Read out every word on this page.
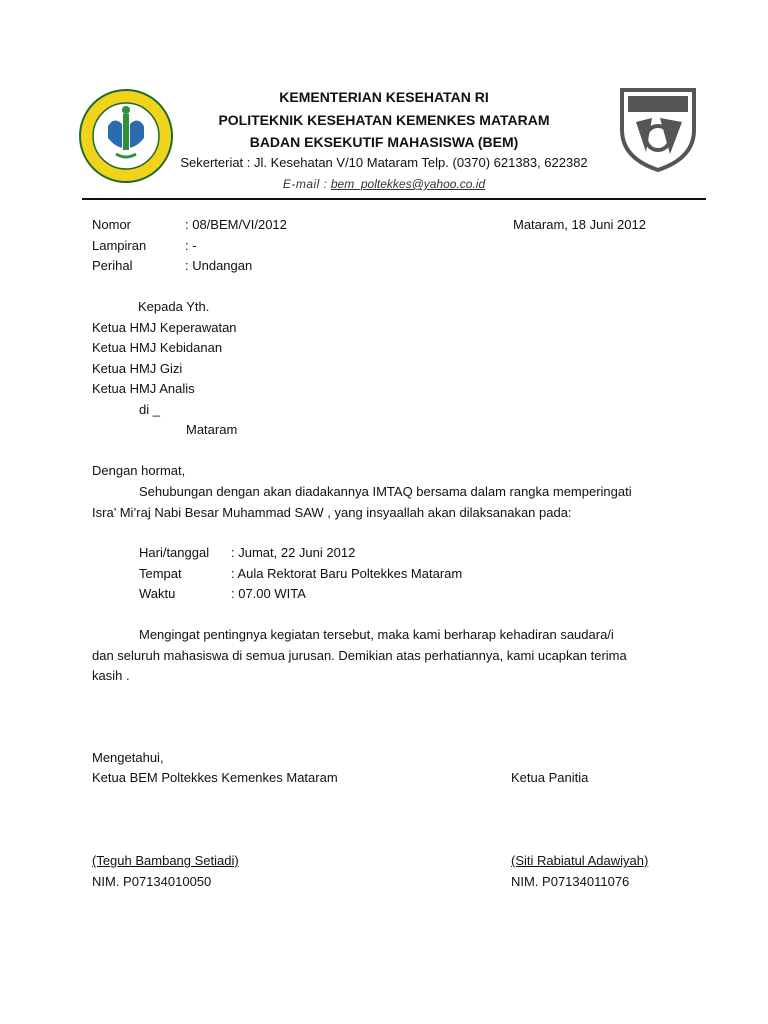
KEMENTERIAN KESEHATAN RI
POLITEKNIK KESEHATAN KEMENKES MATARAM
BADAN EKSEKUTIF MAHASISWA (BEM)
Sekerteriat : Jl. Kesehatan V/10 Mataram Telp. (0370) 621383, 622382
E-mail : bem_poltekkes@yahoo.co.id
Nomor	: 08/BEM/VI/2012	Mataram, 18 Juni 2012
Lampiran	: -
Perihal	: Undangan
Kepada Yth.
Ketua HMJ Keperawatan
Ketua HMJ Kebidanan
Ketua HMJ Gizi
Ketua HMJ Analis
di _
Mataram
Dengan hormat,
Sehubungan dengan akan diadakannya IMTAQ bersama dalam rangka memperingati
Isra’ Mi’raj Nabi Besar Muhammad SAW , yang insyaallah akan dilaksanakan pada:
Hari/tanggal : Jumat, 22 Juni 2012
Tempat	: Aula Rektorat Baru Poltekkes Mataram
Waktu	: 07.00 WITA
Mengingat pentingnya kegiatan tersebut, maka kami berharap kehadiran saudara/i
dan seluruh mahasiswa di semua jurusan. Demikian atas perhatiannya, kami ucapkan terima
kasih .
Mengetahui,
Ketua BEM Poltekkes Kemenkes Mataram	Ketua Panitia
(Teguh Bambang Setiadi)	(Siti Rabiatul Adawiyah)
NIM. P07134010050	NIM. P07134011076
